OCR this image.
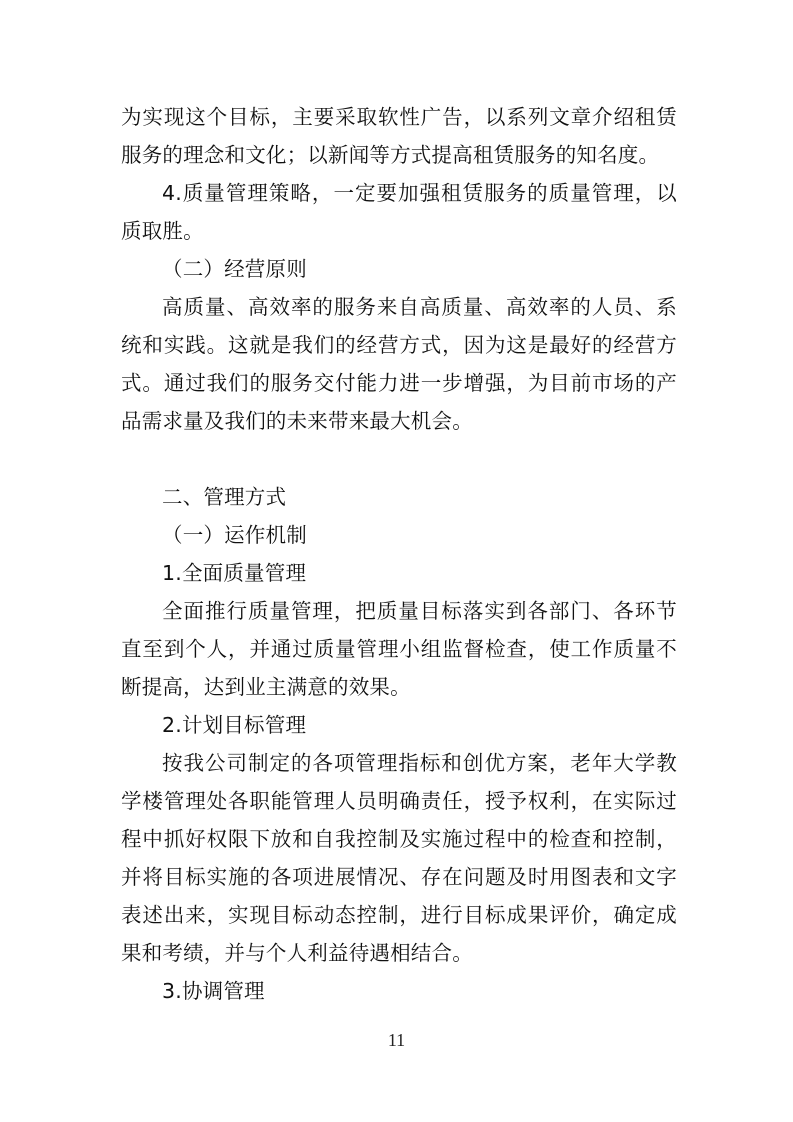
为实现这个目标，主要采取软性广告，以系列文章介绍租赁服务的理念和文化；以新闻等方式提高租赁服务的知名度。

4.质量管理策略，一定要加强租赁服务的质量管理，以质取胜。

（二）经营原则

高质量、高效率的服务来自高质量、高效率的人员、系统和实践。这就是我们的经营方式，因为这是最好的经营方式。通过我们的服务交付能力进一步增强，为目前市场的产品需求量及我们的未来带来最大机会。

二、管理方式

（一）运作机制

1.全面质量管理

全面推行质量管理，把质量目标落实到各部门、各环节直至到个人，并通过质量管理小组监督检查，使工作质量不断提高，达到业主满意的效果。

2.计划目标管理

按我公司制定的各项管理指标和创优方案，老年大学教学楼管理处各职能管理人员明确责任，授予权利，在实际过程中抓好权限下放和自我控制及实施过程中的检查和控制，并将目标实施的各项进展情况、存在问题及时用图表和文字表述出来，实现目标动态控制，进行目标成果评价，确定成果和考绩，并与个人利益待遇相结合。

3.协调管理

11
